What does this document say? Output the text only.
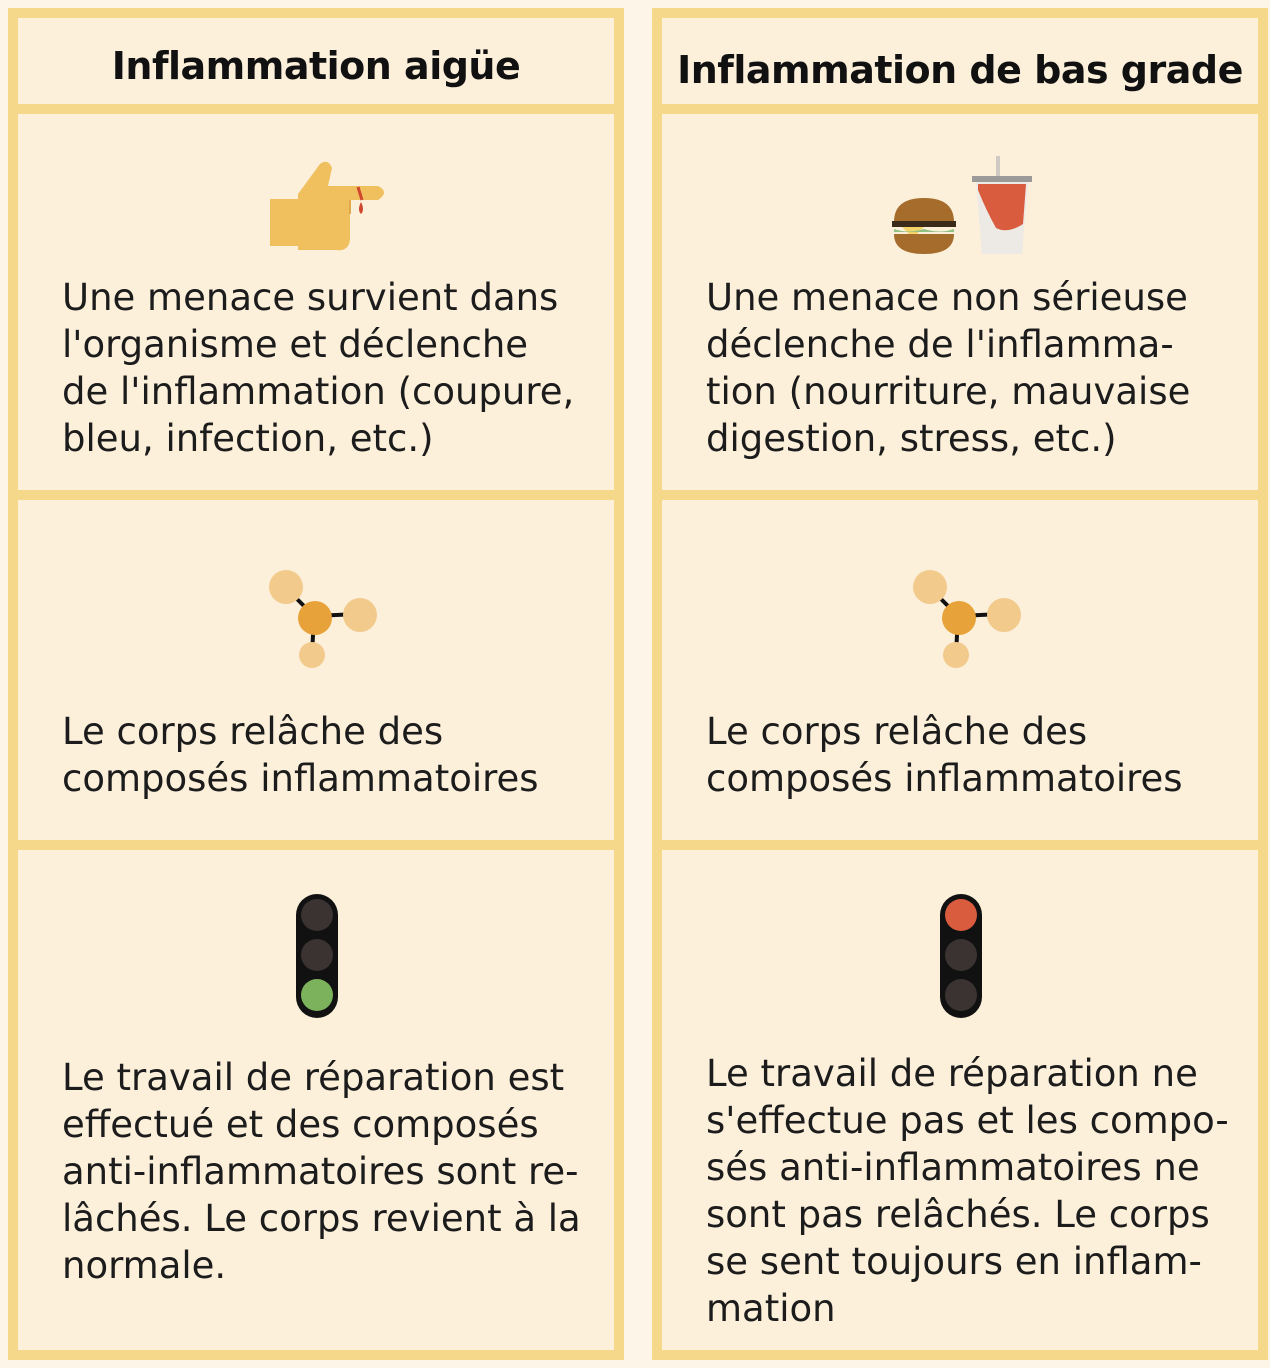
Inflammation aigüe

Une menace survient dans
l'organisme et déclenche
de l'inflammation (coupure,
bleu, infection, etc.)

Le corps relâche des
composés inflammatoires

Le travail de réparation est
effectué et des composés
anti-inflammatoires sont re-
lâchés. Le corps revient à la
normale.

Inflammation de bas grade

Une menace non sérieuse
déclenche de l'inflamma-
tion (nourriture, mauvaise
digestion, stress, etc.)

Le corps relâche des
composés inflammatoires

Le travail de réparation ne
s'effectue pas et les compo-
sés anti-inflammatoires ne
sont pas relâchés. Le corps
se sent toujours en inflam-
mation
